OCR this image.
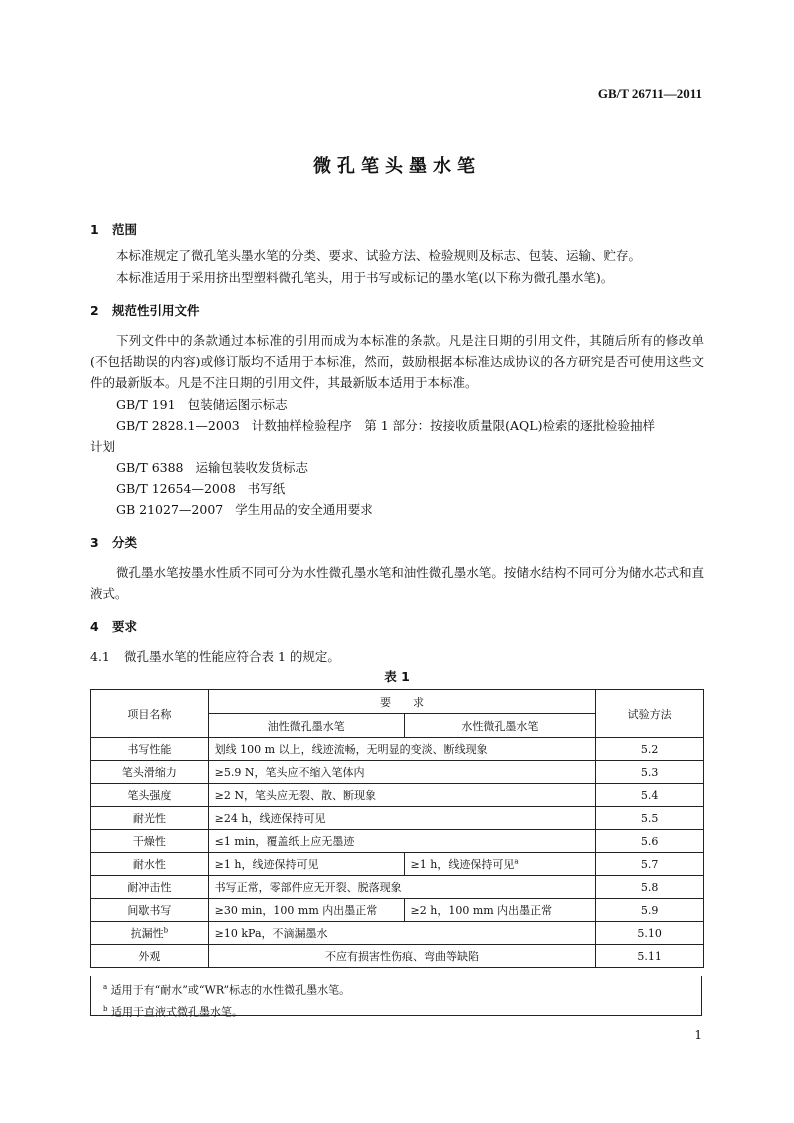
GB/T 26711—2011
微孔笔头墨水笔
1 范围
本标准规定了微孔笔头墨水笔的分类、要求、试验方法、检验规则及标志、包装、运输、贮存。
本标准适用于采用挤出型塑料微孔笔头，用于书写或标记的墨水笔(以下称为微孔墨水笔)。
2 规范性引用文件
下列文件中的条款通过本标准的引用而成为本标准的条款。凡是注日期的引用文件，其随后所有的修改单(不包括勘误的内容)或修订版均不适用于本标准，然而，鼓励根据本标准达成协议的各方研究是否可使用这些文件的最新版本。凡是不注日期的引用文件，其最新版本适用于本标准。
GB/T 191 包装储运图示标志
GB/T 2828.1—2003 计数抽样检验程序　第 1 部分：按接收质量限(AQL)检索的逐批检验抽样
计划
GB/T 6388 运输包装收发货标志
GB/T 12654—2008 书写纸
GB 21027—2007 学生用品的安全通用要求
3 分类
微孔墨水笔按墨水性质不同可分为水性微孔墨水笔和油性微孔墨水笔。按储水结构不同可分为储水芯式和直液式。
4 要求
4.1 微孔墨水笔的性能应符合表 1 的规定。
表 1
项目名称	要　　求		试验方法
	油性微孔墨水笔	水性微孔墨水笔	
书写性能	划线 100 m 以上，线迹流畅，无明显的变淡、断线现象		5.2
笔头滑缩力	≥5.9 N，笔头应不缩入笔体内		5.3
笔头强度	≥2 N，笔头应无裂、散、断现象		5.4
耐光性	≥24 h，线迹保持可见		5.5
干燥性	≤1 min，覆盖纸上应无墨迹		5.6
耐水性	≥1 h，线迹保持可见	≥1 h，线迹保持可见$^a$	5.7
耐冲击性	书写正常，零部件应无开裂、脱落现象		5.8
间歇书写	≥30 min，100 mm 内出墨正常	≥2 h，100 mm 内出墨正常	5.9
抗漏性$^b$	≥10 kPa，不滴漏墨水		5.10
外观	不应有损害性伤痕、弯曲等缺陷		5.11
$^a$ 适用于有“耐水”或“WR”标志的水性微孔墨水笔。
$^b$ 适用于直液式微孔墨水笔。
1
